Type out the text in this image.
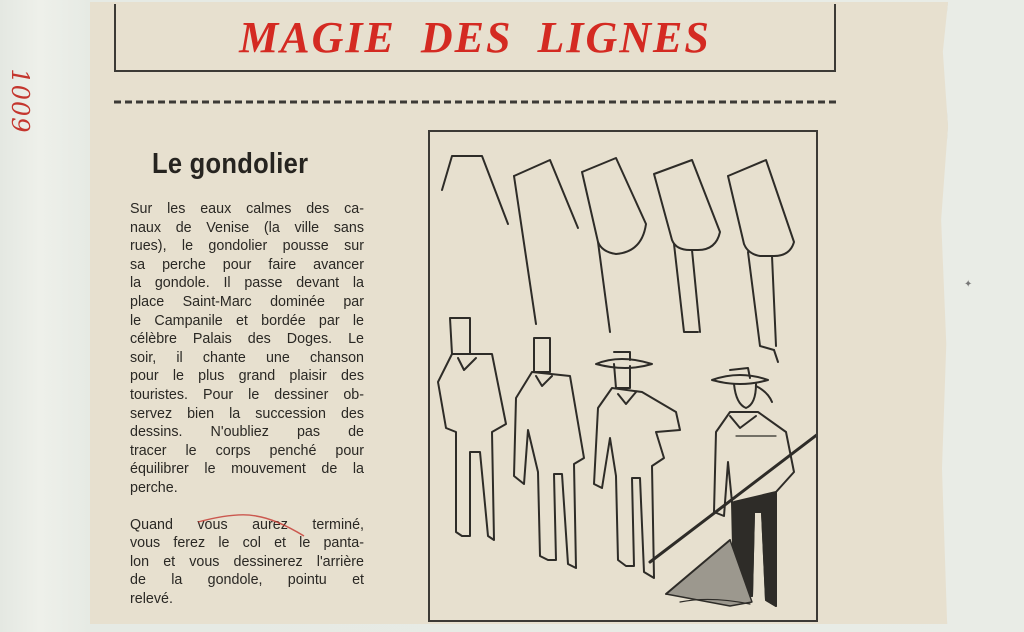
1009
MAGIE DES LIGNES
Le gondolier
Sur les eaux calmes des ca-
naux de Venise (la ville sans
rues), le gondolier pousse sur
sa perche pour faire avancer
la gondole. Il passe devant la
place Saint-Marc dominée par
le Campanile et bordée par le
célèbre Palais des Doges. Le
soir, il chante une chanson
pour le plus grand plaisir des
touristes. Pour le dessiner ob-
servez bien la succession des
dessins. N'oubliez pas de
tracer le corps penché pour
équilibrer le mouvement de la
perche.
Quand vous aurez terminé,
vous ferez le col et le panta-
lon et vous dessinerez l'arrière
de la gondole, pointu et
relevé.
✦
